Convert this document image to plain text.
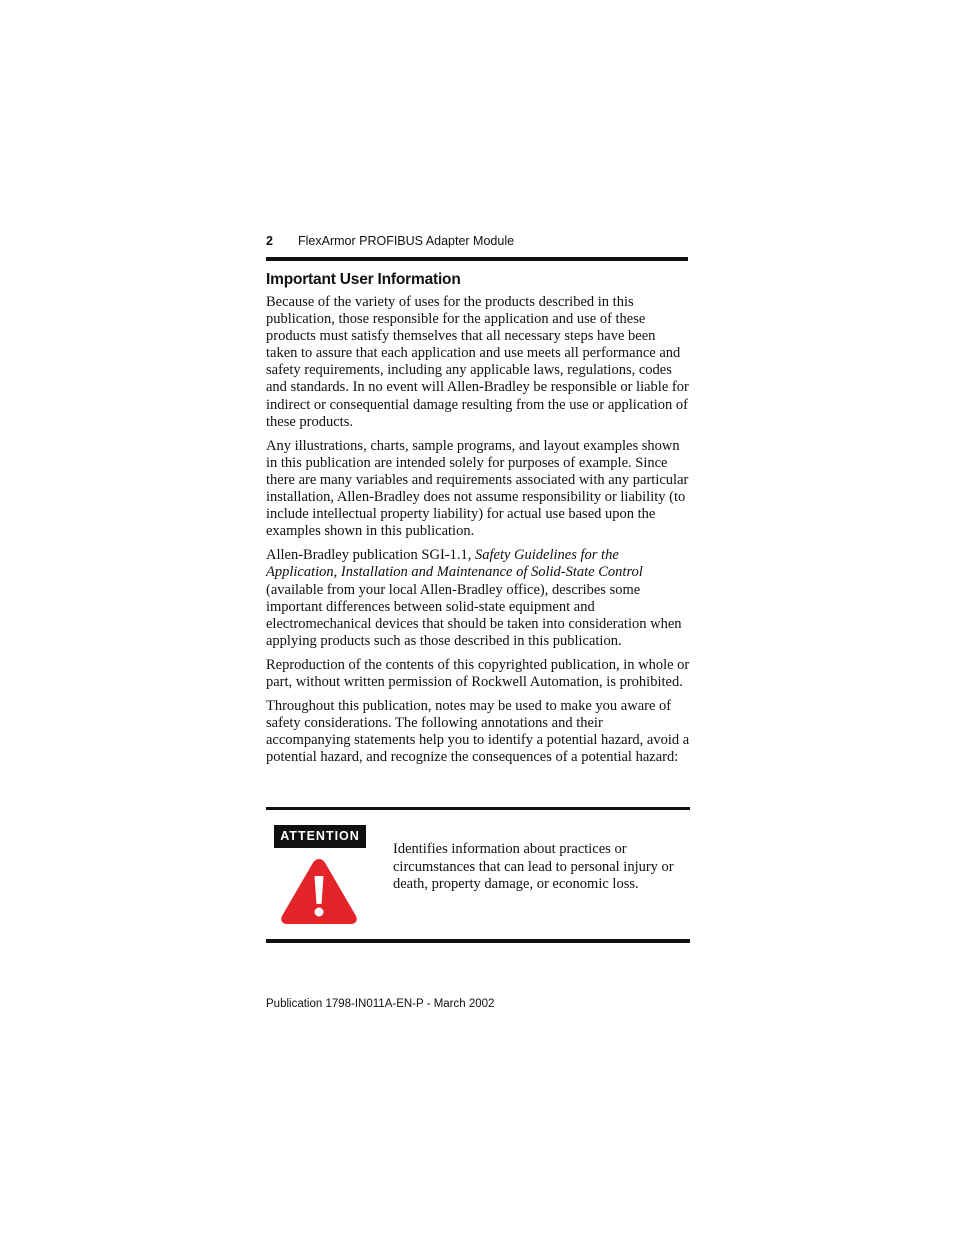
2 FlexArmor PROFIBUS Adapter Module
Important User Information

Because of the variety of uses for the products described in this publication, those responsible for the application and use of these products must satisfy themselves that all necessary steps have been taken to assure that each application and use meets all performance and safety requirements, including any applicable laws, regulations, codes and standards. In no event will Allen-Bradley be responsible or liable for indirect or consequential damage resulting from the use or application of these products.

Any illustrations, charts, sample programs, and layout examples shown in this publication are intended solely for purposes of example. Since there are many variables and requirements associated with any particular installation, Allen-Bradley does not assume responsibility or liability (to include intellectual property liability) for actual use based upon the examples shown in this publication.

Allen-Bradley publication SGI-1.1, Safety Guidelines for the Application, Installation and Maintenance of Solid-State Control (available from your local Allen-Bradley office), describes some important differences between solid-state equipment and electromechanical devices that should be taken into consideration when applying products such as those described in this publication.

Reproduction of the contents of this copyrighted publication, in whole or part, without written permission of Rockwell Automation, is prohibited.

Throughout this publication, notes may be used to make you aware of safety considerations. The following annotations and their accompanying statements help you to identify a potential hazard, avoid a potential hazard, and recognize the consequences of a potential hazard:

ATTENTION
Identifies information about practices or circumstances that can lead to personal injury or death, property damage, or economic loss.
Publication 1798-IN011A-EN-P - March 2002
